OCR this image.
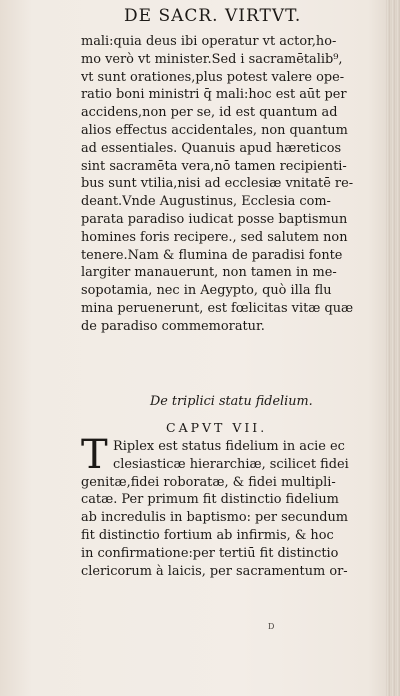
DE SACR. VIRTVT.
mali:quia deus ibi operatur vt actor,ho-
mo verò vt minister.Sed i sacramētalib⁹,
vt sunt orationes,plus potest valere ope-
ratio boni ministri q̄ mali:hoc est aūt per
accidens,non per se, id est quantum ad
alios effectus accidentales, non quantum
ad essentiales. Quanuis apud hæreticos
sint sacramēta vera,nō tamen recipienti-
bus sunt vtilia,nisi ad ecclesiæ vnitatē re-
deant.Vnde Augustinus, Ecclesia com-
parata paradiso iudicat posse baptismun
homines foris recipere., sed salutem non
tenere.Nam & flumina de paradisi fonte
largiter manauerunt, non tamen in me-
sopotamia, nec in Aegypto, quò illa flu
mina peruenerunt, est fœlicitas vitæ quæ
de paradiso commemoratur.
De triplici statu fidelium.
CAPVT VII.
T Riplex est status fidelium in acie ec
clesiasticæ hierarchiæ, scilicet fidei
genitæ,fidei roboratæ, & fidei multipli-
catæ. Per primum fit distinctio fidelium
ab incredulis in baptismo: per secundum
fit distinctio fortium ab infirmis, & hoc
in confirmatione:per tertiū fit distinctio
clericorum à laicis, per sacramentum or-
D
